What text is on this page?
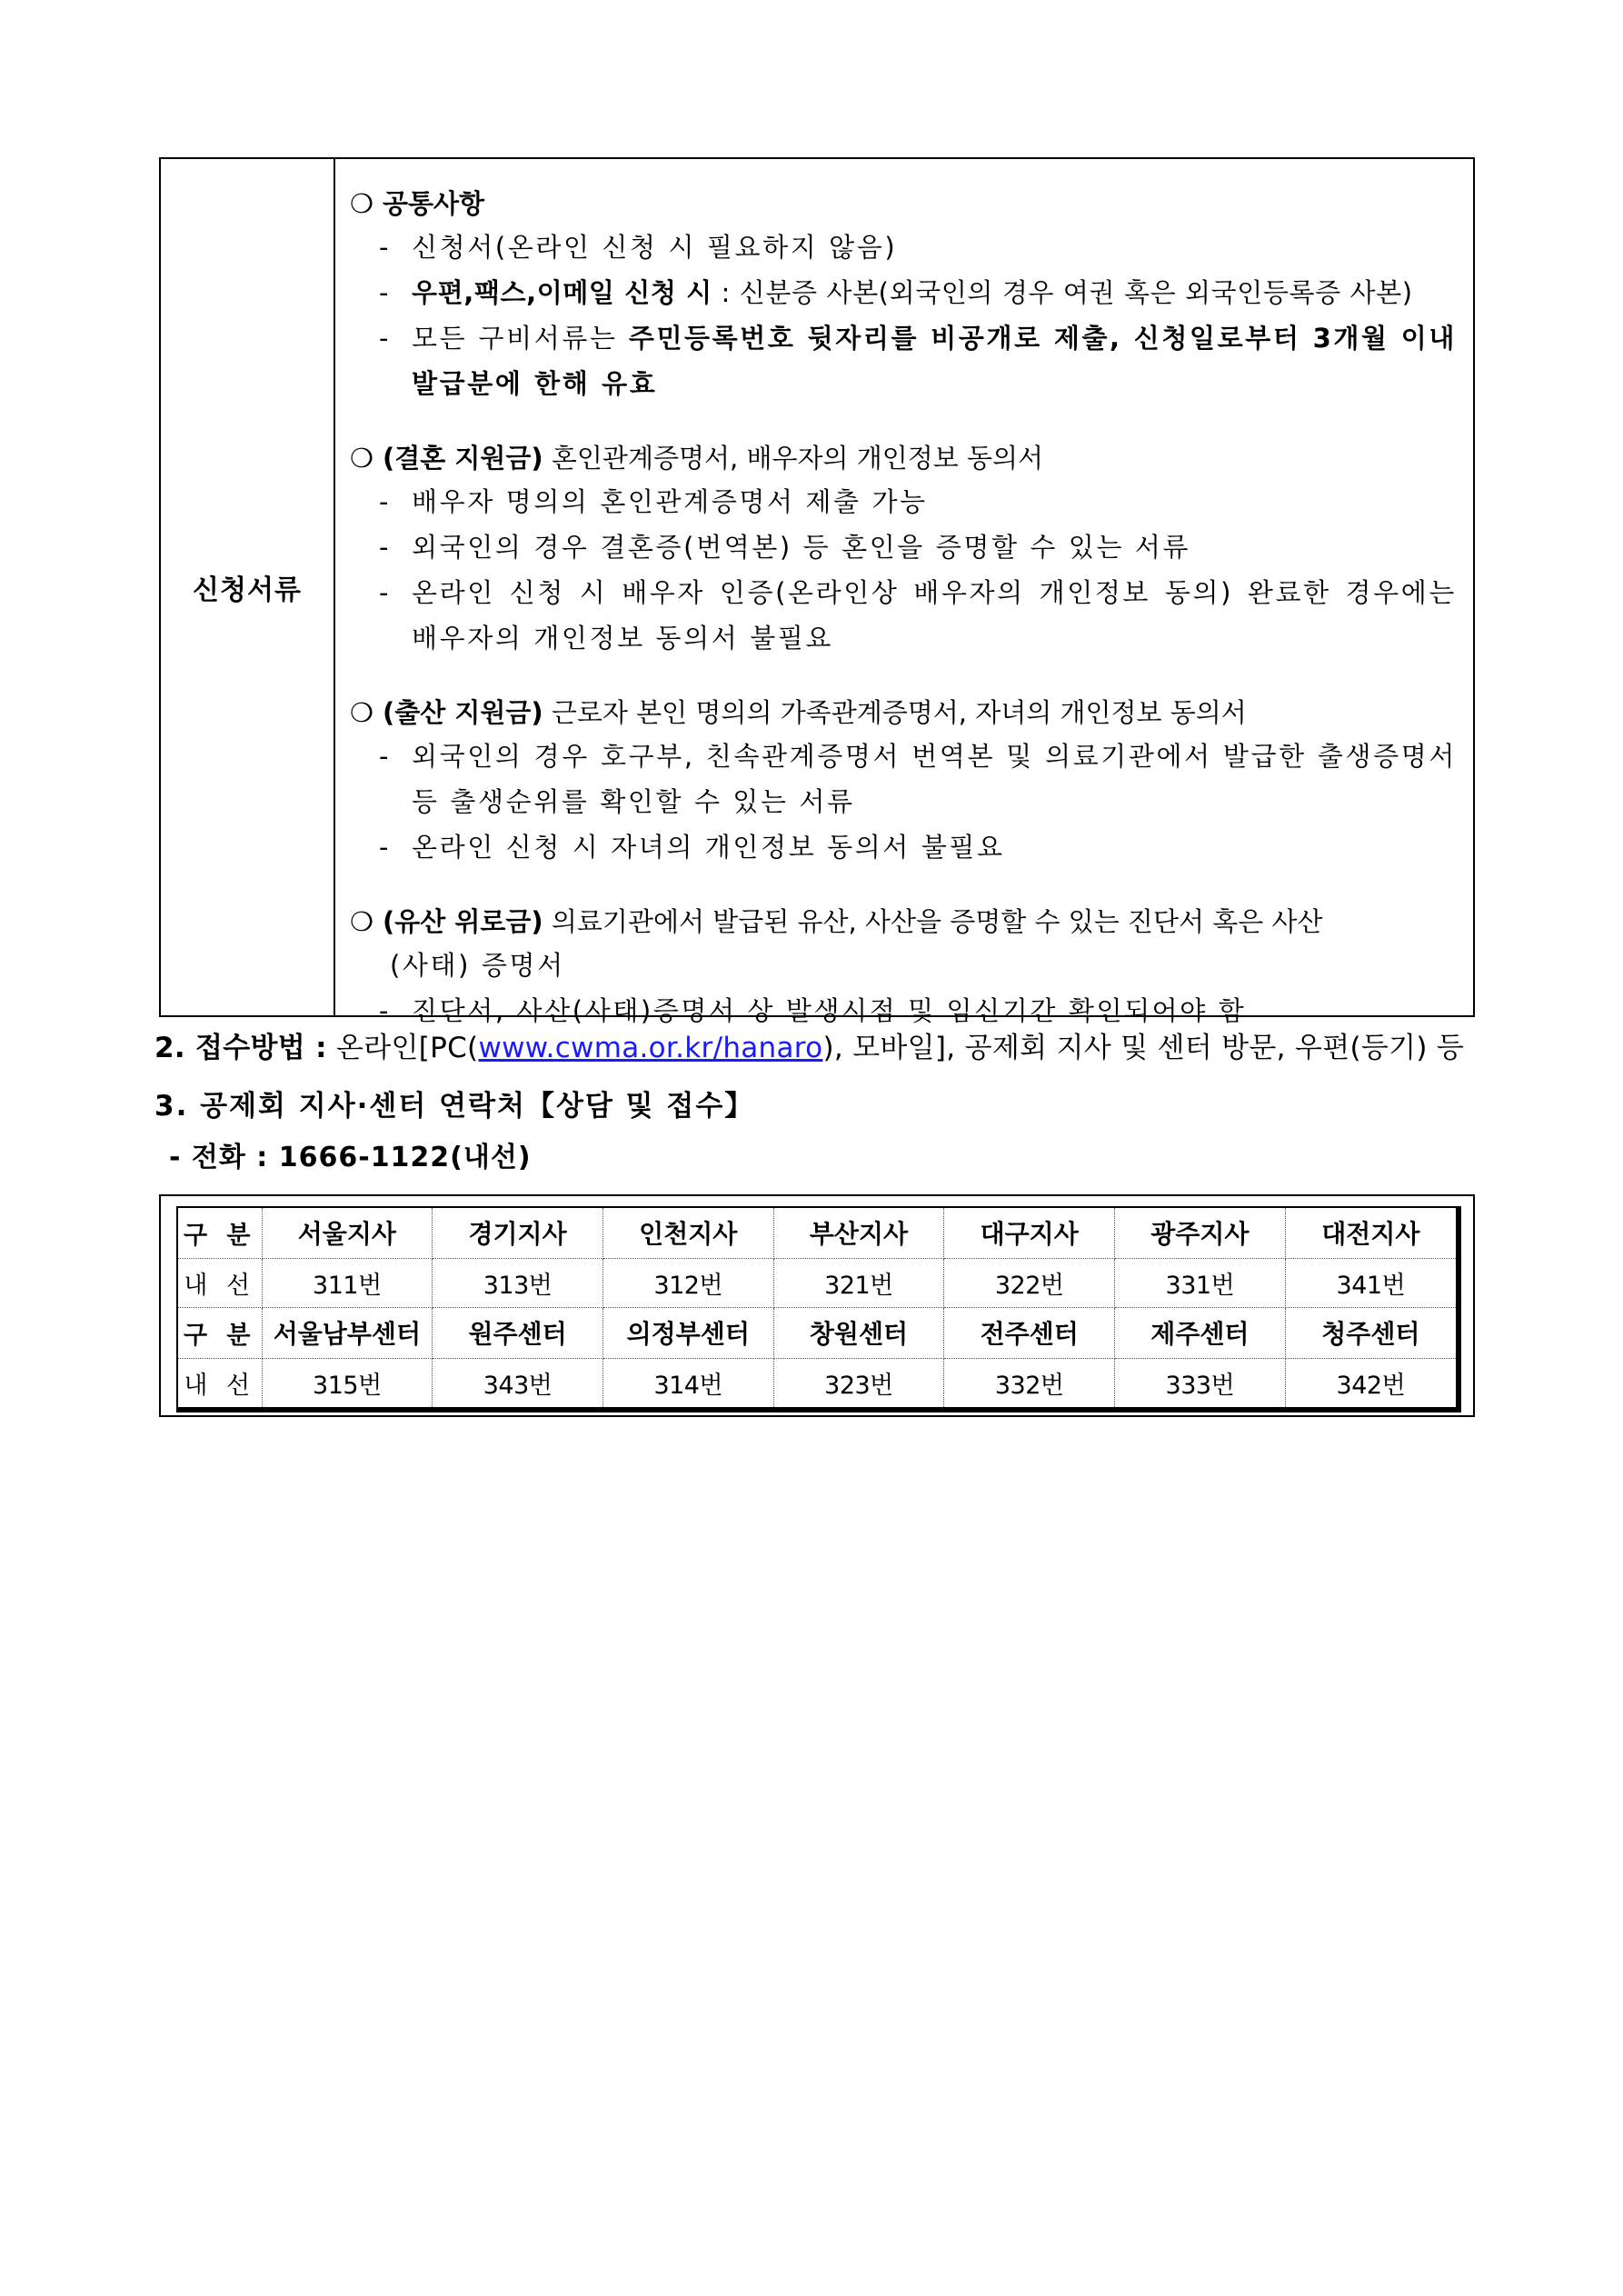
신청서류
❍ 공통사항
- 신청서(온라인 신청 시 필요하지 않음)
- 우편,팩스,이메일 신청 시 : 신분증 사본(외국인의 경우 여권 혹은 외국인등록증 사본)
- 모든 구비서류는 주민등록번호 뒷자리를 비공개로 제출, 신청일로부터 3개월 이내 발급분에 한해 유효
❍ (결혼 지원금) 혼인관계증명서, 배우자의 개인정보 동의서
- 배우자 명의의 혼인관계증명서 제출 가능
- 외국인의 경우 결혼증(번역본) 등 혼인을 증명할 수 있는 서류
- 온라인 신청 시 배우자 인증(온라인상 배우자의 개인정보 동의) 완료한 경우에는 배우자의 개인정보 동의서 불필요
❍ (출산 지원금) 근로자 본인 명의의 가족관계증명서, 자녀의 개인정보 동의서
- 외국인의 경우 호구부, 친속관계증명서 번역본 및 의료기관에서 발급한 출생증명서 등 출생순위를 확인할 수 있는 서류
- 온라인 신청 시 자녀의 개인정보 동의서 불필요
❍ (유산 위로금) 의료기관에서 발급된 유산, 사산을 증명할 수 있는 진단서 혹은 사산
(사태) 증명서
- 진단서, 사산(사태)증명서 상 발생시점 및 임신기간 확인되어야 함
2. 접수방법 : 온라인[PC(www.cwma.or.kr/hanaro), 모바일], 공제회 지사 및 센터 방문, 우편(등기) 등
3. 공제회 지사·센터 연락처【상담 및 접수】
- 전화 : 1666-1122(내선)
구 분	서울지사	경기지사	인천지사	부산지사	대구지사	광주지사	대전지사
내 선	311번	313번	312번	321번	322번	331번	341번
구 분	서울남부센터	원주센터	의정부센터	창원센터	전주센터	제주센터	청주센터
내 선	315번	343번	314번	323번	332번	333번	342번
